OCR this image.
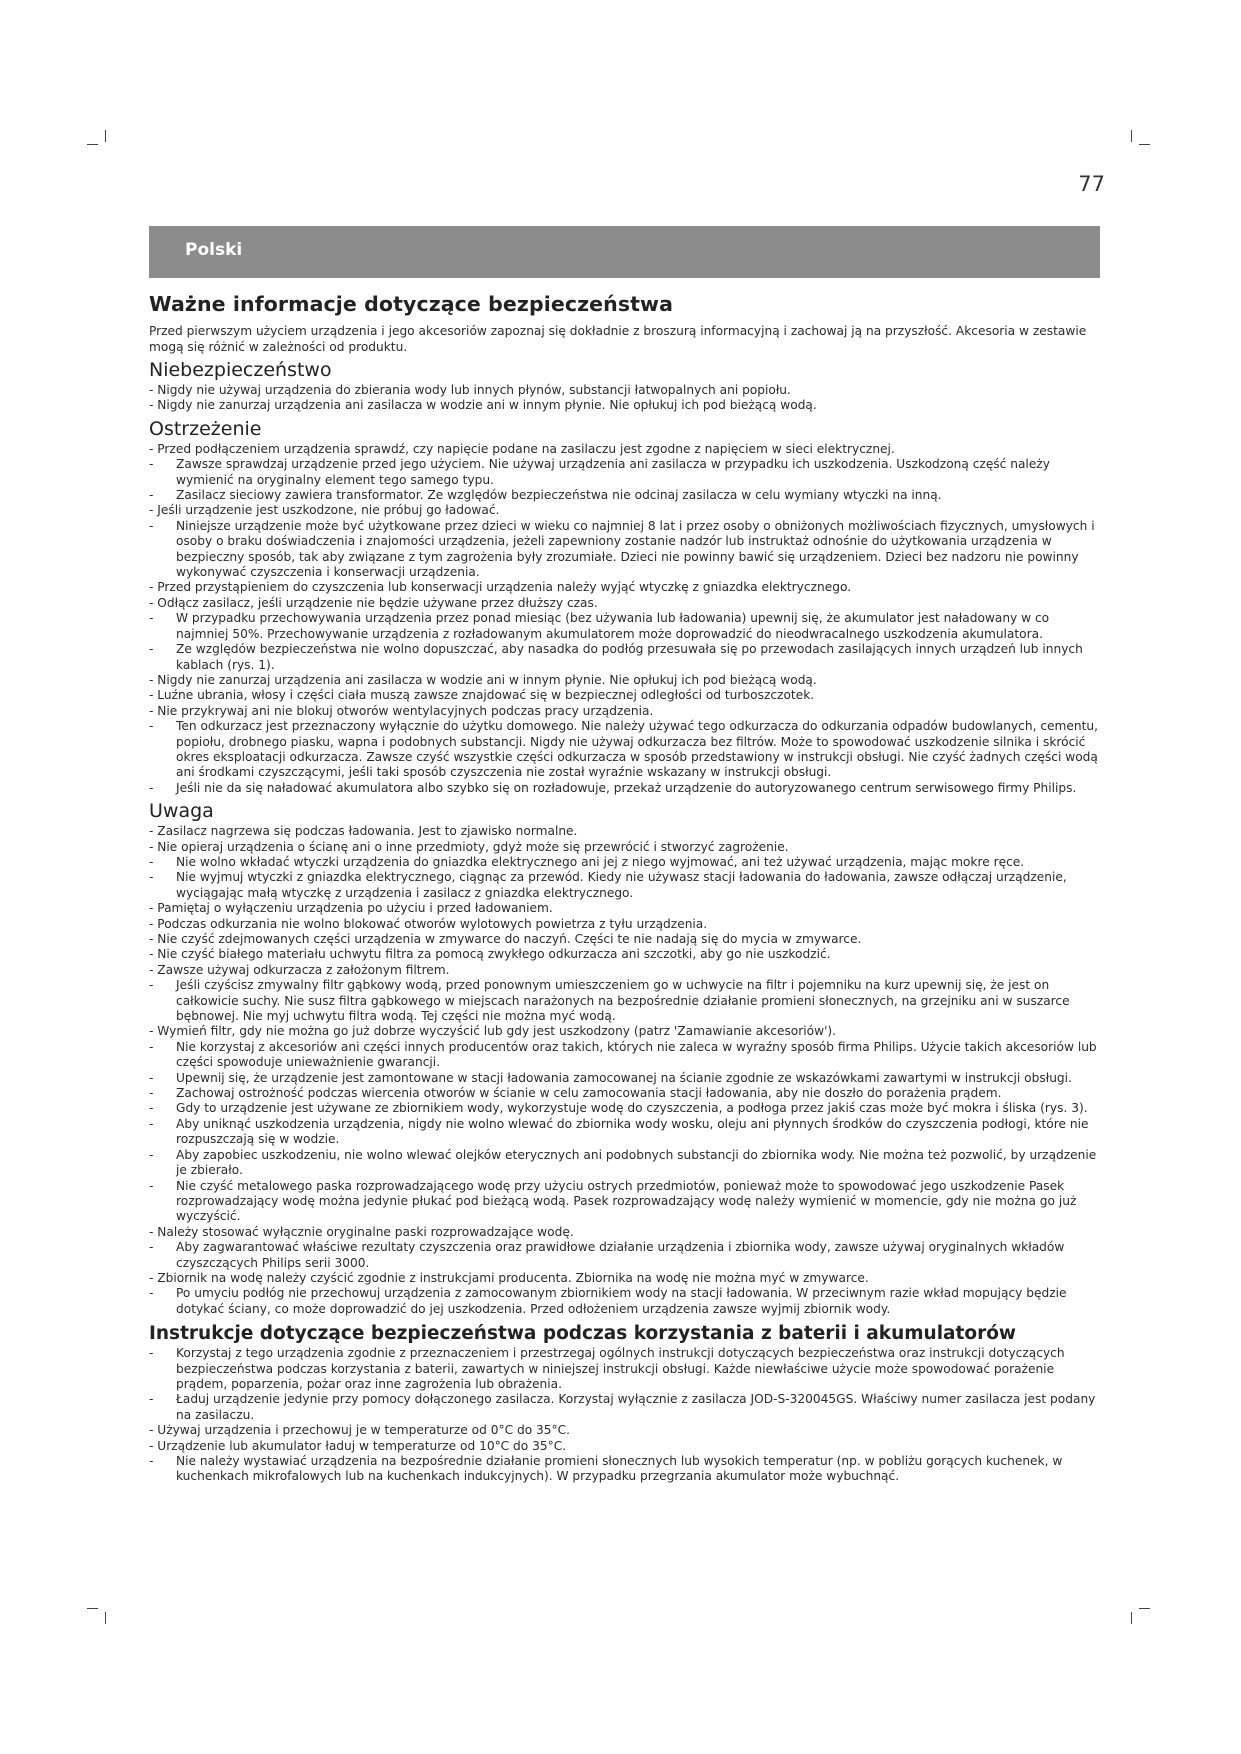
77
Polski
Ważne informacje dotyczące bezpieczeństwa

Przed pierwszym użyciem urządzenia i jego akcesoriów zapoznaj się dokładnie z broszurą informacyjną i zachowaj ją na przyszłość. Akcesoria w zestawie mogą się różnić w zależności od produktu.

Niebezpieczeństwo
- Nigdy nie używaj urządzenia do zbierania wody lub innych płynów, substancji łatwopalnych ani popiołu.
- Nigdy nie zanurzaj urządzenia ani zasilacza w wodzie ani w innym płynie. Nie opłukuj ich pod bieżącą wodą.
Ostrzeżenie
- Przed podłączeniem urządzenia sprawdź, czy napięcie podane na zasilaczu jest zgodne z napięciem w sieci elektrycznej.
- Zawsze sprawdzaj urządzenie przed jego użyciem. Nie używaj urządzenia ani zasilacza w przypadku ich uszkodzenia. Uszkodzoną część należy wymienić na oryginalny element tego samego typu.
- Zasilacz sieciowy zawiera transformator. Ze względów bezpieczeństwa nie odcinaj zasilacza w celu wymiany wtyczki na inną.
- Jeśli urządzenie jest uszkodzone, nie próbuj go ładować.
- Niniejsze urządzenie może być użytkowane przez dzieci w wieku co najmniej 8 lat i przez osoby o obniżonych możliwościach fizycznych, umysłowych i osoby o braku doświadczenia i znajomości urządzenia, jeżeli zapewniony zostanie nadzór lub instruktaż odnośnie do użytkowania urządzenia w bezpieczny sposób, tak aby związane z tym zagrożenia były zrozumiałe. Dzieci nie powinny bawić się urządzeniem. Dzieci bez nadzoru nie powinny wykonywać czyszczenia i konserwacji urządzenia.
- Przed przystąpieniem do czyszczenia lub konserwacji urządzenia należy wyjąć wtyczkę z gniazdka elektrycznego.
- Odłącz zasilacz, jeśli urządzenie nie będzie używane przez dłuższy czas.
- W przypadku przechowywania urządzenia przez ponad miesiąc (bez używania lub ładowania) upewnij się, że akumulator jest naładowany w co najmniej 50%. Przechowywanie urządzenia z rozładowanym akumulatorem może doprowadzić do nieodwracalnego uszkodzenia akumulatora.
- Ze względów bezpieczeństwa nie wolno dopuszczać, aby nasadka do podłóg przesuwała się po przewodach zasilających innych urządzeń lub innych kablach (rys. 1).
- Nigdy nie zanurzaj urządzenia ani zasilacza w wodzie ani w innym płynie. Nie opłukuj ich pod bieżącą wodą.
- Luźne ubrania, włosy i części ciała muszą zawsze znajdować się w bezpiecznej odległości od turboszczotek.
- Nie przykrywaj ani nie blokuj otworów wentylacyjnych podczas pracy urządzenia.
- Ten odkurzacz jest przeznaczony wyłącznie do użytku domowego. Nie należy używać tego odkurzacza do odkurzania odpadów budowlanych, cementu, popiołu, drobnego piasku, wapna i podobnych substancji. Nigdy nie używaj odkurzacza bez filtrów. Może to spowodować uszkodzenie silnika i skrócić okres eksploatacji odkurzacza. Zawsze czyść wszystkie części odkurzacza w sposób przedstawiony w instrukcji obsługi. Nie czyść żadnych części wodą ani środkami czyszczącymi, jeśli taki sposób czyszczenia nie został wyraźnie wskazany w instrukcji obsługi.
- Jeśli nie da się naładować akumulatora albo szybko się on rozładowuje, przekaż urządzenie do autoryzowanego centrum serwisowego firmy Philips.
Uwaga
- Zasilacz nagrzewa się podczas ładowania. Jest to zjawisko normalne.
- Nie opieraj urządzenia o ścianę ani o inne przedmioty, gdyż może się przewrócić i stworzyć zagrożenie.
- Nie wolno wkładać wtyczki urządzenia do gniazdka elektrycznego ani jej z niego wyjmować, ani też używać urządzenia, mając mokre ręce.
- Nie wyjmuj wtyczki z gniazdka elektrycznego, ciągnąc za przewód. Kiedy nie używasz stacji ładowania do ładowania, zawsze odłączaj urządzenie, wyciągając małą wtyczkę z urządzenia i zasilacz z gniazdka elektrycznego.
- Pamiętaj o wyłączeniu urządzenia po użyciu i przed ładowaniem.
- Podczas odkurzania nie wolno blokować otworów wylotowych powietrza z tyłu urządzenia.
- Nie czyść zdejmowanych części urządzenia w zmywarce do naczyń. Części te nie nadają się do mycia w zmywarce.
- Nie czyść białego materiału uchwytu filtra za pomocą zwykłego odkurzacza ani szczotki, aby go nie uszkodzić.
- Zawsze używaj odkurzacza z założonym filtrem.
- Jeśli czyścisz zmywalny filtr gąbkowy wodą, przed ponownym umieszczeniem go w uchwycie na filtr i pojemniku na kurz upewnij się, że jest on całkowicie suchy. Nie susz filtra gąbkowego w miejscach narażonych na bezpośrednie działanie promieni słonecznych, na grzejniku ani w suszarce bębnowej. Nie myj uchwytu filtra wodą. Tej części nie można myć wodą.
- Wymień filtr, gdy nie można go już dobrze wyczyścić lub gdy jest uszkodzony (patrz 'Zamawianie akcesoriów').
- Nie korzystaj z akcesoriów ani części innych producentów oraz takich, których nie zaleca w wyraźny sposób firma Philips. Użycie takich akcesoriów lub części spowoduje unieważnienie gwarancji.
- Upewnij się, że urządzenie jest zamontowane w stacji ładowania zamocowanej na ścianie zgodnie ze wskazówkami zawartymi w instrukcji obsługi.
- Zachowaj ostrożność podczas wiercenia otworów w ścianie w celu zamocowania stacji ładowania, aby nie doszło do porażenia prądem.
- Gdy to urządzenie jest używane ze zbiornikiem wody, wykorzystuje wodę do czyszczenia, a podłoga przez jakiś czas może być mokra i śliska (rys. 3).
- Aby uniknąć uszkodzenia urządzenia, nigdy nie wolno wlewać do zbiornika wody wosku, oleju ani płynnych środków do czyszczenia podłogi, które nie rozpuszczają się w wodzie.
- Aby zapobiec uszkodzeniu, nie wolno wlewać olejków eterycznych ani podobnych substancji do zbiornika wody. Nie można też pozwolić, by urządzenie je zbierało.
- Nie czyść metalowego paska rozprowadzającego wodę przy użyciu ostrych przedmiotów, ponieważ może to spowodować jego uszkodzenie Pasek rozprowadzający wodę można jedynie płukać pod bieżącą wodą. Pasek rozprowadzający wodę należy wymienić w momencie, gdy nie można go już wyczyścić.
- Należy stosować wyłącznie oryginalne paski rozprowadzające wodę.
- Aby zagwarantować właściwe rezultaty czyszczenia oraz prawidłowe działanie urządzenia i zbiornika wody, zawsze używaj oryginalnych wkładów czyszczących Philips serii 3000.
- Zbiornik na wodę należy czyścić zgodnie z instrukcjami producenta. Zbiornika na wodę nie można myć w zmywarce.
- Po umyciu podłóg nie przechowuj urządzenia z zamocowanym zbiornikiem wody na stacji ładowania. W przeciwnym razie wkład mopujący będzie dotykać ściany, co może doprowadzić do jej uszkodzenia. Przed odłożeniem urządzenia zawsze wyjmij zbiornik wody.
Instrukcje dotyczące bezpieczeństwa podczas korzystania z baterii i akumulatorów
- Korzystaj z tego urządzenia zgodnie z przeznaczeniem i przestrzegaj ogólnych instrukcji dotyczących bezpieczeństwa oraz instrukcji dotyczących bezpieczeństwa podczas korzystania z baterii, zawartych w niniejszej instrukcji obsługi. Każde niewłaściwe użycie może spowodować porażenie prądem, poparzenia, pożar oraz inne zagrożenia lub obrażenia.
- Ładuj urządzenie jedynie przy pomocy dołączonego zasilacza. Korzystaj wyłącznie z zasilacza JOD-S-320045GS. Właściwy numer zasilacza jest podany na zasilaczu.
- Używaj urządzenia i przechowuj je w temperaturze od 0°C do 35°C.
- Urządzenie lub akumulator ładuj w temperaturze od 10°C do 35°C.
- Nie należy wystawiać urządzenia na bezpośrednie działanie promieni słonecznych lub wysokich temperatur (np. w pobliżu gorących kuchenek, w kuchenkach mikrofalowych lub na kuchenkach indukcyjnych). W przypadku przegrzania akumulator może wybuchnąć.
